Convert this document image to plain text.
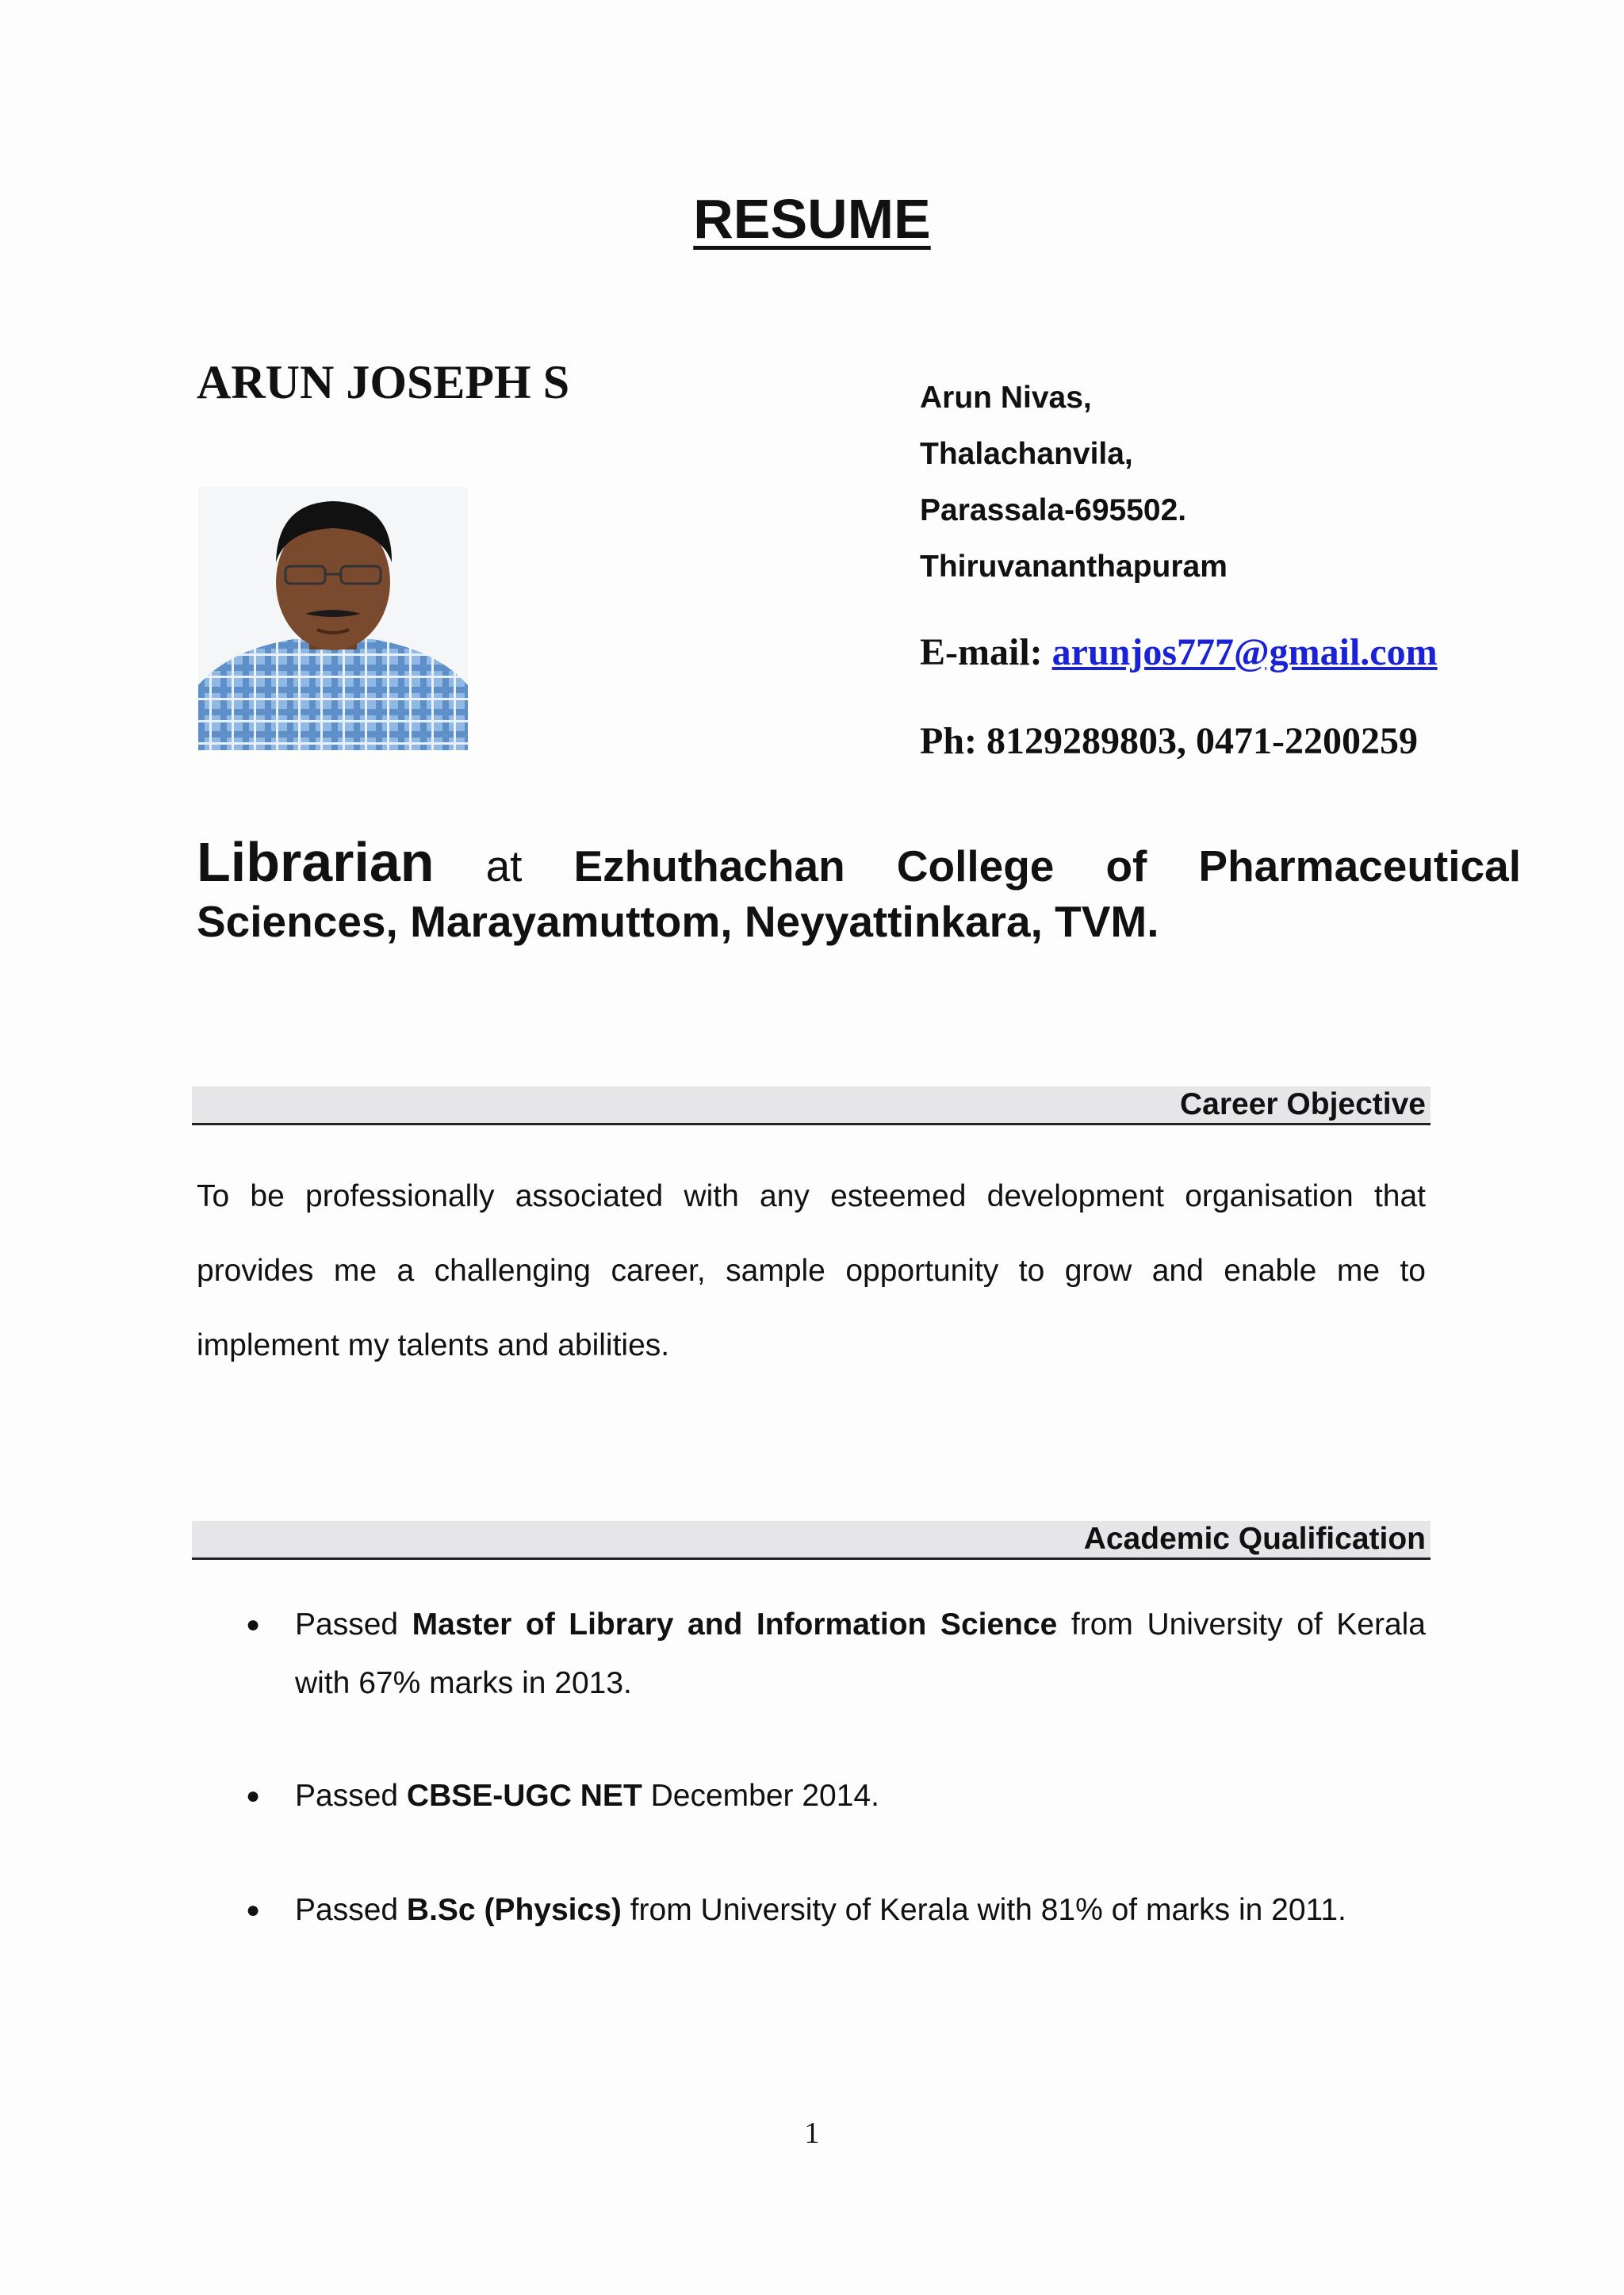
RESUME
ARUN JOSEPH S	Arun Nivas,
Thalachanvila,
Parassala-695502.
Thiruvananthapuram
E-mail: arunjos777@gmail.com
Ph: 8129289803, 0471-2200259
Librarian at Ezhuthachan College of Pharmaceutical
Sciences, Marayamuttom, Neyyattinkara, TVM.
Career Objective
To be professionally associated with any esteemed development organisation that provides me a challenging career, sample opportunity to grow and enable me to implement my talents and abilities.
Academic Qualification
● Passed Master of Library and Information Science from University of Kerala with 67% marks in 2013.
● Passed CBSE-UGC NET December 2014.
● Passed B.Sc (Physics) from University of Kerala with 81% of marks in 2011.
1
